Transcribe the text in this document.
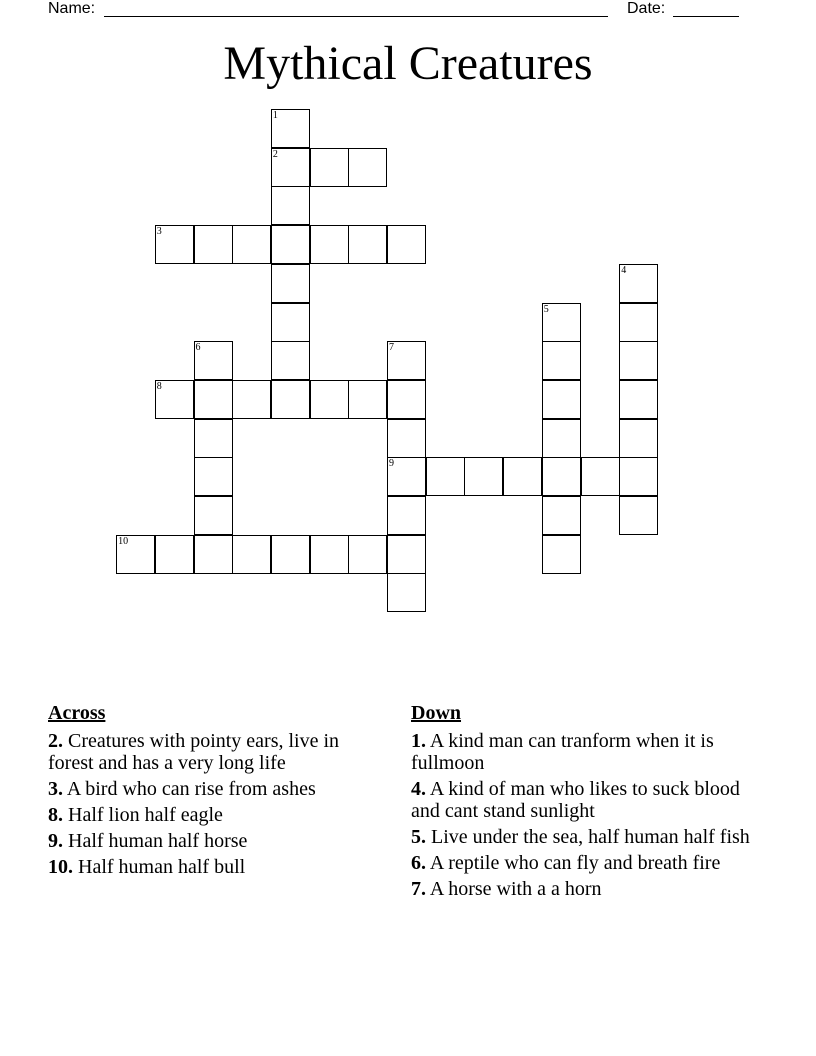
Name:	Date:
Mythical Creatures
1
2
3
4
5
6	7
8
9
10
Across
2. Creatures with pointy ears, live in forest and has a very long life
3. A bird who can rise from ashes
8. Half lion half eagle
9. Half human half horse
10. Half human half bull
Down
1. A kind man can tranform when it is fullmoon
4. A kind of man who likes to suck blood and cant stand sunlight
5. Live under the sea, half human half fish
6. A reptile who can fly and breath fire
7. A horse with a a horn
